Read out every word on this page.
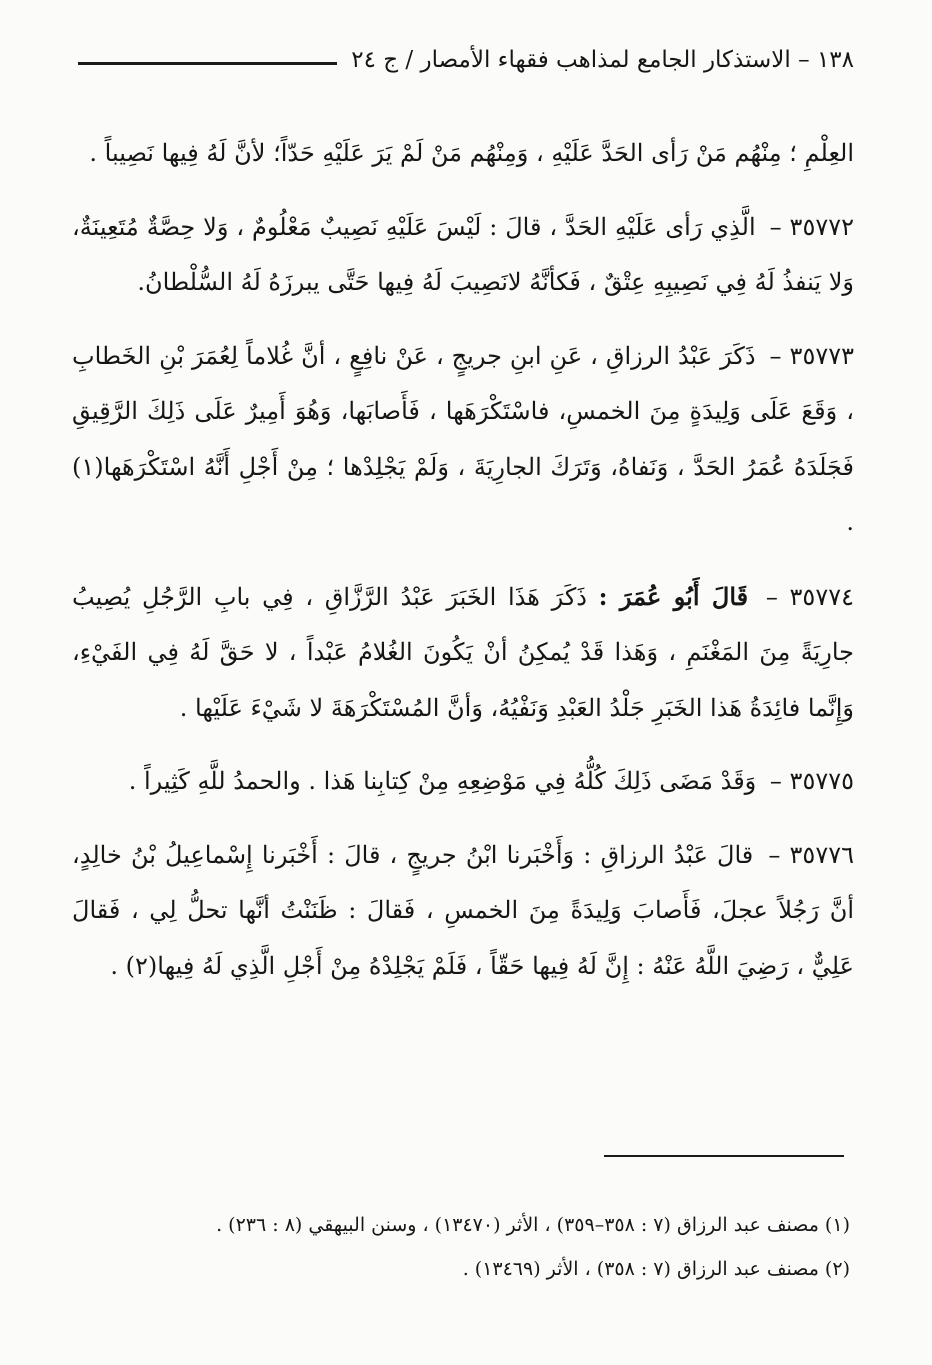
١٣٨ – الاستذكار الجامع لمذاهب فقهاء الأمصار / ج ٢٤

العِلْمِ ؛ مِنْهُم مَنْ رَأى الحَدَّ عَلَيْهِ ، وَمِنْهُم مَنْ لَمْ يَرَ عَلَيْهِ حَدّاً؛ لأنَّ لَهُ فِيها نَصِيباً .

٣٥٧٧٢ – الَّذِي رَأى عَلَيْهِ الحَدَّ ، قالَ : لَيْسَ عَلَيْهِ نَصِيبٌ مَعْلُومٌ ، وَلا حِصَّةٌ مُتَعِينَةٌ، وَلا يَنفذُ لَهُ فِي نَصِيبِهِ عِتْقٌ ، فَكأنَّهُ لانَصِيبَ لَهُ فِيها حَتَّى يبرزَهُ لَهُ السُّلْطانُ.

٣٥٧٧٣ – ذَكَرَ عَبْدُ الرزاقِ ، عَنِ ابنِ جريجٍ ، عَنْ نافِعٍ ، أنَّ غُلاماً لِعُمَرَ بْنِ الخَطابِ ، وَقَعَ عَلَى وَلِيدَةٍ مِنَ الخمسِ، فاسْتَكْرَهَها ، فَأَصابَها، وَهُوَ أَمِيرٌ عَلَى ذَلِكَ الرَّقِيقِ فَجَلَدَهُ عُمَرُ الحَدَّ ، وَنَفاهُ، وَتَرَكَ الجارِيَةَ ، وَلَمْ يَجْلِدْها ؛ مِنْ أَجْلِ أَنَّهُ اسْتَكْرَهَها(١) .

٣٥٧٧٤ – قَالَ أَبُو عُمَرَ : ذَكَرَ هَذَا الخَبَرَ عَبْدُ الرَّزَّاقِ ، فِي بابِ الرَّجُلِ يُصِيبُ جارِيَةً مِنَ المَغْنَمِ ، وَهَذا قَدْ يُمكِنُ أنْ يَكُونَ الغُلامُ عَبْداً ، لا حَقَّ لَهُ فِي الفَيْءِ، وَإِنَّما فائِدَةُ هَذا الخَبَرِ جَلْدُ العَبْدِ وَنَفْيُهُ، وَأنَّ المُسْتَكْرَهَةَ لا شَيْءَ عَلَيْها .

٣٥٧٧٥ – وَقَدْ مَضَى ذَلِكَ كُلُّهُ فِي مَوْضِعِهِ مِنْ كِتابِنا هَذا . والحمدُ للَّهِ كَثِيراً .

٣٥٧٧٦ – قالَ عَبْدُ الرزاقِ : وَأَخْبَرنا ابْنُ جريجٍ ، قالَ : أَخْبَرنا إِسْماعِيلُ بْنُ خالِدٍ، أنَّ رَجُلاً عجلَ، فَأَصابَ وَلِيدَةً مِنَ الخمسِ ، فَقالَ : ظَنَنْتُ أنَّها تحلُّ لِي ، فَقالَ عَلِيٌّ ، رَضِيَ اللَّهُ عَنْهُ : إِنَّ لَهُ فِيها حَقّاً ، فَلَمْ يَجْلِدْهُ مِنْ أَجْلِ الَّذِي لَهُ فِيها(٢) .

(١) مصنف عبد الرزاق (٧ : ٣٥٨–٣٥٩) ، الأثر (١٣٤٧٠) ، وسنن البيهقي (٨ : ٢٣٦) .

(٢) مصنف عبد الرزاق (٧ : ٣٥٨) ، الأثر (١٣٤٦٩) .
